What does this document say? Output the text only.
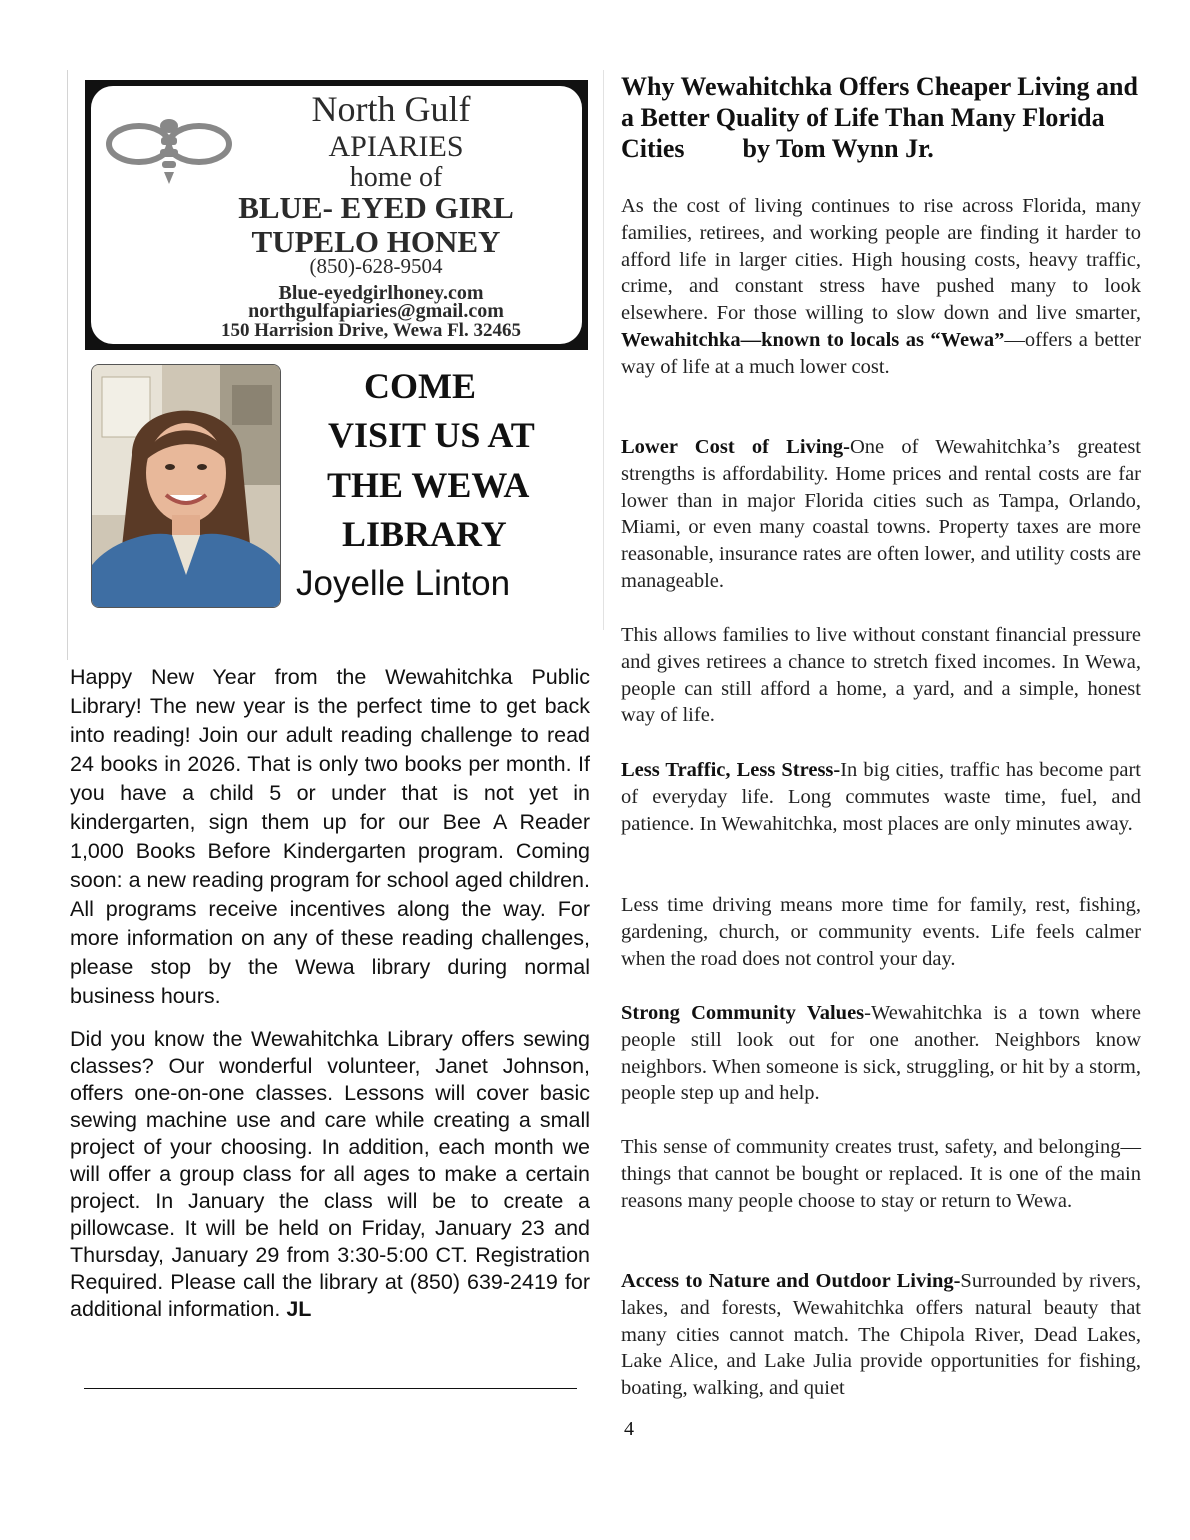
North Gulf
APIARIES
home of
BLUE- EYED GIRL
TUPELO HONEY
(850)-628-9504
Blue-eyedgirlhoney.com
northgulfapiaries@gmail.com
150 Harrision Drive, Wewa Fl. 32465
COME
VISIT US AT
THE WEWA
LIBRARY
Joyelle Linton

Happy New Year from the Wewahitchka Public Library! The new year is the perfect time to get back into reading! Join our adult reading challenge to read 24 books in 2026. That is only two books per month. If you have a child 5 or under that is not yet in kindergarten, sign them up for our Bee A Reader 1,000 Books Before Kindergarten program. Coming soon: a new reading program for school aged children. All programs receive incentives along the way. For more information on any of these reading challenges, please stop by the Wewa library during normal business hours.

Did you know the Wewahitchka Library offers sewing classes? Our wonderful volunteer, Janet Johnson, offers one-on-one classes. Lessons will cover basic sewing machine use and care while creating a small project of your choosing. In addition, each month we will offer a group class for all ages to make a certain project. In January the class will be to create a pillowcase. It will be held on Friday, January 23 and Thursday, January 29 from 3:30-5:00 CT. Registration Required. Please call the library at (850) 639-2419 for additional information. JL

Why Wewahitchka Offers Cheaper Living and a Better Quality of Life Than Many Florida Cities by Tom Wynn Jr.

As the cost of living continues to rise across Florida, many families, retirees, and working people are finding it harder to afford life in larger cities. High housing costs, heavy traffic, crime, and constant stress have pushed many to look elsewhere. For those willing to slow down and live smarter, Wewahitchka—known to locals as “Wewa”—offers a better way of life at a much lower cost.

Lower Cost of Living-One of Wewahitchka’s greatest strengths is affordability. Home prices and rental costs are far lower than in major Florida cities such as Tampa, Orlando, Miami, or even many coastal towns. Property taxes are more reasonable, insurance rates are often lower, and utility costs are manageable.

This allows families to live without constant financial pressure and gives retirees a chance to stretch fixed incomes. In Wewa, people can still afford a home, a yard, and a simple, honest way of life.

Less Traffic, Less Stress-In big cities, traffic has become part of everyday life. Long commutes waste time, fuel, and patience. In Wewahitchka, most places are only minutes away.

Less time driving means more time for family, rest, fishing, gardening, church, or community events. Life feels calmer when the road does not control your day.

Strong Community Values-Wewahitchka is a town where people still look out for one another. Neighbors know neighbors. When someone is sick, struggling, or hit by a storm, people step up and help.

This sense of community creates trust, safety, and belonging—things that cannot be bought or replaced. It is one of the main reasons many people choose to stay or return to Wewa.

Access to Nature and Outdoor Living-Surrounded by rivers, lakes, and forests, Wewahitchka offers natural beauty that many cities cannot match. The Chipola River, Dead Lakes, Lake Alice, and Lake Julia provide opportunities for fishing, boating, walking, and quiet

4
